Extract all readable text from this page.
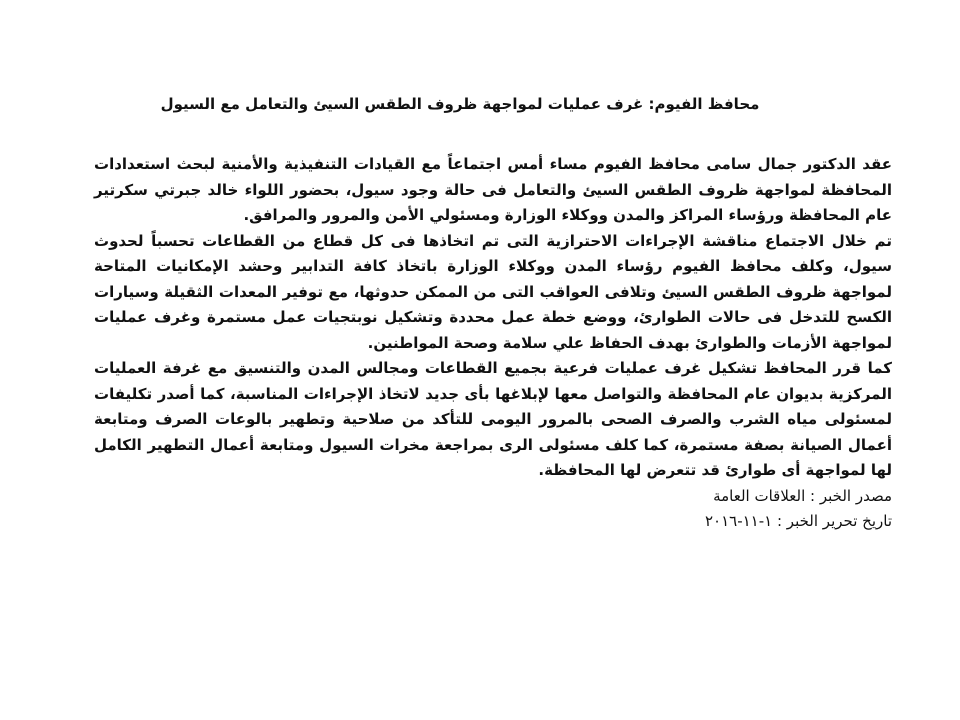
محافظ الفيوم: غرف عمليات لمواجهة ظروف الطقس السيئ والتعامل مع السيول

عقد الدكتور جمال سامى محافظ الفيوم مساء أمس اجتماعاً مع القيادات التنفيذية والأمنية لبحث استعدادات المحافظة لمواجهة ظروف الطقس السيئ والتعامل فى حالة وجود سيول، بحضور اللواء خالد جبرتي سكرتير عام المحافظة ورؤساء المراكز والمدن ووكلاء الوزارة ومسئولي الأمن والمرور والمرافق.

تم خلال الاجتماع مناقشة الإجراءات الاحترازية التى تم اتخاذها فى كل قطاع من القطاعات تحسباً لحدوث سيول، وكلف محافظ الفيوم رؤساء المدن ووكلاء الوزارة باتخاذ كافة التدابير وحشد الإمكانيات المتاحة لمواجهة ظروف الطقس السيئ وتلافى العواقب التى من الممكن حدوثها، مع توفير المعدات الثقيلة وسيارات الكسح للتدخل فى حالات الطوارئ، ووضع خطة عمل محددة وتشكيل نوبتجيات عمل مستمرة وغرف عمليات لمواجهة الأزمات والطوارئ بهدف الحفاظ علي سلامة وصحة المواطنين.

كما قرر المحافظ تشكيل غرف عمليات فرعية بجميع القطاعات ومجالس المدن والتنسيق مع غرفة العمليات المركزية بديوان عام المحافظة والتواصل معها لإبلاغها بأى جديد لاتخاذ الإجراءات المناسبة، كما أصدر تكليفات لمسئولى مياه الشرب والصرف الصحى بالمرور اليومى للتأكد من صلاحية وتطهير بالوعات الصرف ومتابعة أعمال الصيانة بصفة مستمرة، كما كلف مسئولى الرى بمراجعة مخرات السيول ومتابعة أعمال التطهير الكامل لها لمواجهة أى طوارئ قد تتعرض لها المحافظة.

مصدر الخبر : العلاقات العامة

تاريخ تحرير الخبر : ١-١١-٢٠١٦
